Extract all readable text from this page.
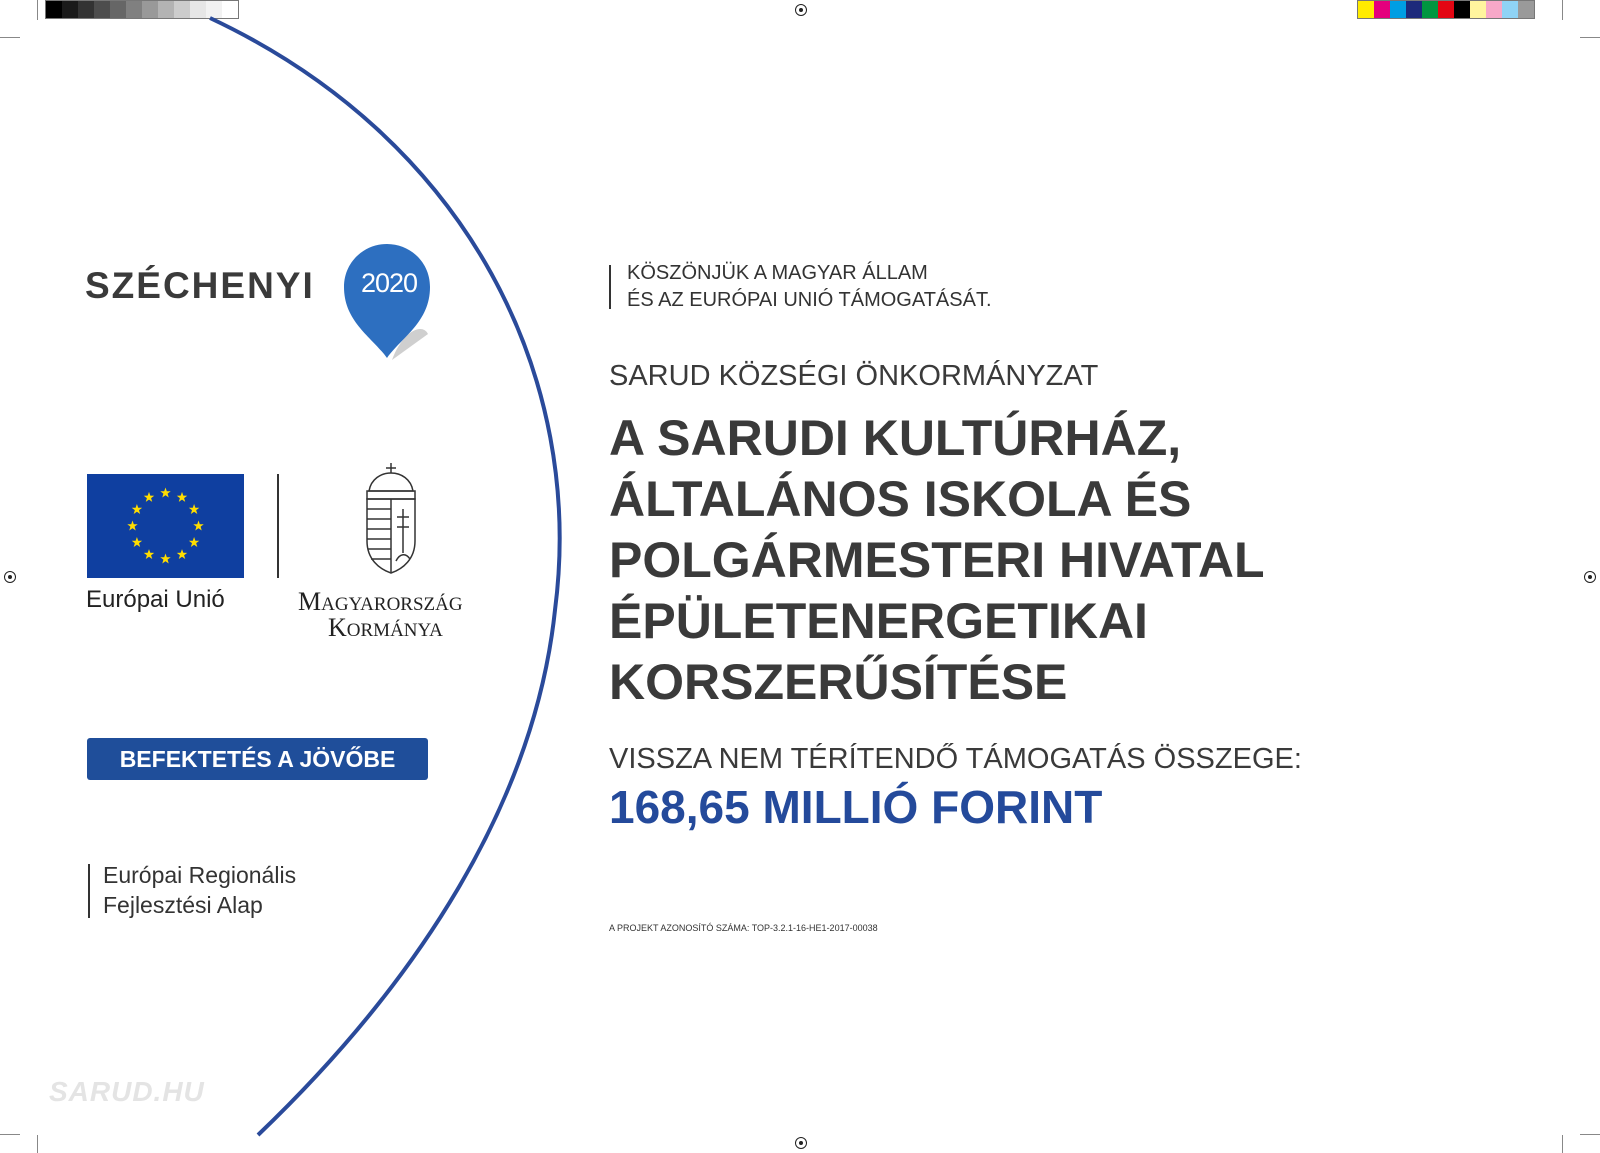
SZÉCHENYI	2020
Európai Unió	MAGYARORSZÁG
KORMÁNYA
BEFEKTETÉS A JÖVŐBE
Európai Regionális
Fejlesztési Alap
SARUD.HU
KÖSZÖNJÜK A MAGYAR ÁLLAM
ÉS AZ EURÓPAI UNIÓ TÁMOGATÁSÁT.
SARUD KÖZSÉGI ÖNKORMÁNYZAT
A SARUDI KULTÚRHÁZ,
ÁLTALÁNOS ISKOLA ÉS
POLGÁRMESTERI HIVATAL
ÉPÜLETENERGETIKAI
KORSZERŰSÍTÉSE
VISSZA NEM TÉRÍTENDŐ TÁMOGATÁS ÖSSZEGE:
168,65 MILLIÓ FORINT
A PROJEKT AZONOSÍTÓ SZÁMA: TOP-3.2.1-16-HE1-2017-00038
